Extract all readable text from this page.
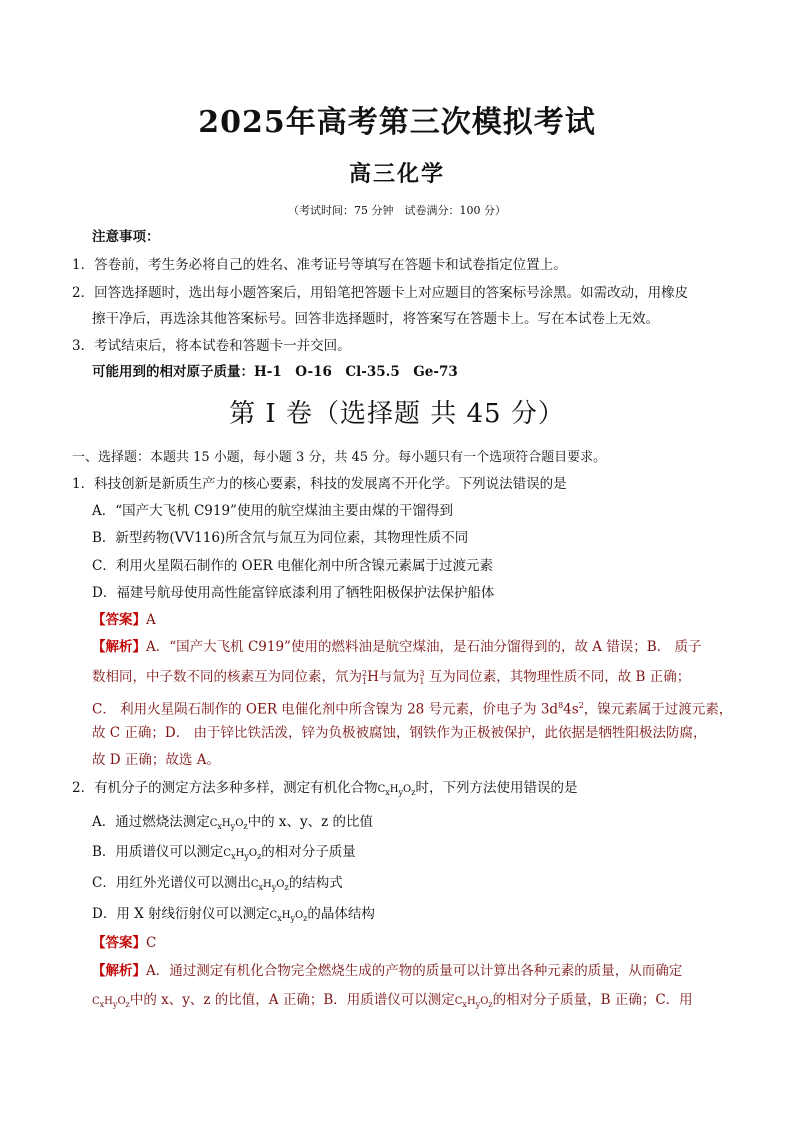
2025年高考第三次模拟考试
高三化学
（考试时间：75 分钟　试卷满分：100 分）
注意事项：
1．答卷前，考生务必将自己的姓名、准考证号等填写在答题卡和试卷指定位置上。
2．回答选择题时，选出每小题答案后，用铅笔把答题卡上对应题目的答案标号涂黑。如需改动，用橡皮
擦干净后，再选涂其他答案标号。回答非选择题时，将答案写在答题卡上。写在本试卷上无效。
3．考试结束后，将本试卷和答题卡一并交回。
可能用到的相对原子质量：H-1　O-16　Cl-35.5　Ge-73
第 I 卷（选择题 共 45 分）
一、选择题：本题共 15 小题，每小题 3 分，共 45 分。每小题只有一个选项符合题目要求。
1．科技创新是新质生产力的核心要素，科技的发展离不开化学。下列说法错误的是
A．“国产大飞机 C919”使用的航空煤油主要由煤的干馏得到
B．新型药物(VV116)所含氘与氚互为同位素，其物理性质不同
C．利用火星陨石制作的 OER 电催化剂中所含镍元素属于过渡元素
D．福建号航母使用高性能富锌底漆利用了牺牲阳极保护法保护船体
【答案】A
【解析】A．“国产大飞机 C919”使用的燃料油是航空煤油，是石油分馏得到的，故 A 错误；B． 质子
数相同，中子数不同的核素互为同位素，氘为 2
1 H与氚为 3
1 互为同位素，其物理性质不同，故 B 正确；
C． 利用火星陨石制作的 OER 电催化剂中所含镍为 28 号元素，价电子为 $3d^84s^2$，镍元素属于过渡元素，
故 C 正确；D． 由于锌比铁活泼，锌为负极被腐蚀，钢铁作为正极被保护，此依据是牺牲阳极法防腐，
故 D 正确；故选 A。
2．有机分子的测定方法多种多样，测定有机化合物$C_xH_yO_z$时，下列方法使用错误的是
A．通过燃烧法测定$C_xH_yO_z$中的 x、y、z 的比值
B．用质谱仪可以测定$C_xH_yO_z$的相对分子质量
C．用红外光谱仪可以测出$C_xH_yO_z$的结构式
D．用 X 射线衍射仪可以测定$C_xH_yO_z$的晶体结构
【答案】C
【解析】A．通过测定有机化合物完全燃烧生成的产物的质量可以计算出各种元素的质量，从而确定
$C_xH_yO_z$中的 x、y、z 的比值，A 正确；B．用质谱仪可以测定$C_xH_yO_z$的相对分子质量，B 正确；C．用
